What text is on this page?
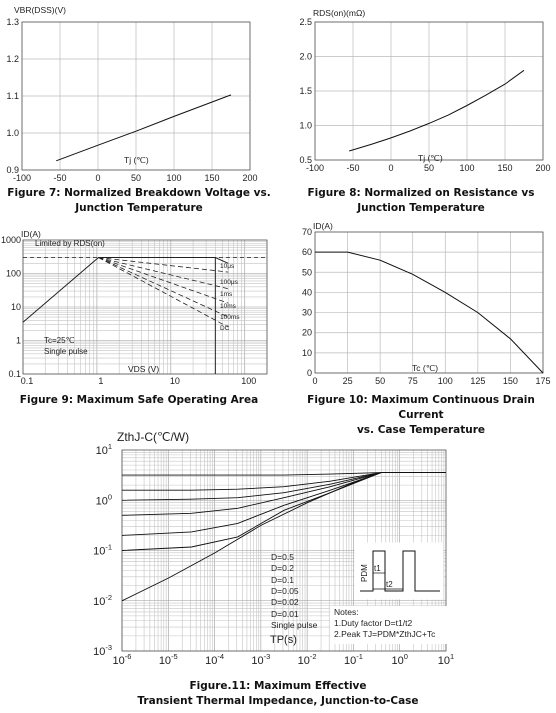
-100 -50	0	50	100	150	200
0.9
1.0
1.1
1.2
1.3
VBR(DSS)(V)
Tj (℃)
-100 -50	0	50	100	150	200
0.5
1.0
1.5
2.0
2.5
RDS(on)(mΩ)
Tj (℃)
0	25	50	75 100 125 150 175
0
10
20
30
40
50
60
70
ID(A)
Tc (℃)
0.1	1	10	100
0.1
1
10
100
1000
ID(A)
VDS (V)
10μs
100μs
1ms
10ms
100ms
DC
Limited by RDS(on)
Tc=25℃
Single pulse
$10^{-6}$ $10^{-5}$ $10^{-4}$ $10^{-3}$ $10^{-2}$ $10^{-1}$	$10^0$	$10^1$
$10^{-3}$
$10^{-2}$
$10^{-1}$
$10^0$
$10^1$
ZthJ-C(℃/W)
TP(s)
D=0.5
D=0.2
D=0.1
D=0.05
D=0.02
D=0.01
Single pulse
Notes:
1.Duty factor D=t1/t2
2.Peak TJ=PDM*ZthJC+Tc
t1
t2
PDM
Figure 7: Normalized Breakdown Voltage vs.
Junction Temperature
Figure 8: Normalized on Resistance vs
Junction Temperature
Figure 9: Maximum Safe Operating Area	Figure 10: Maximum Continuous Drain Current
vs. Case Temperature
Figure.11: Maximum Effective
Transient Thermal Impedance, Junction-to-Case
